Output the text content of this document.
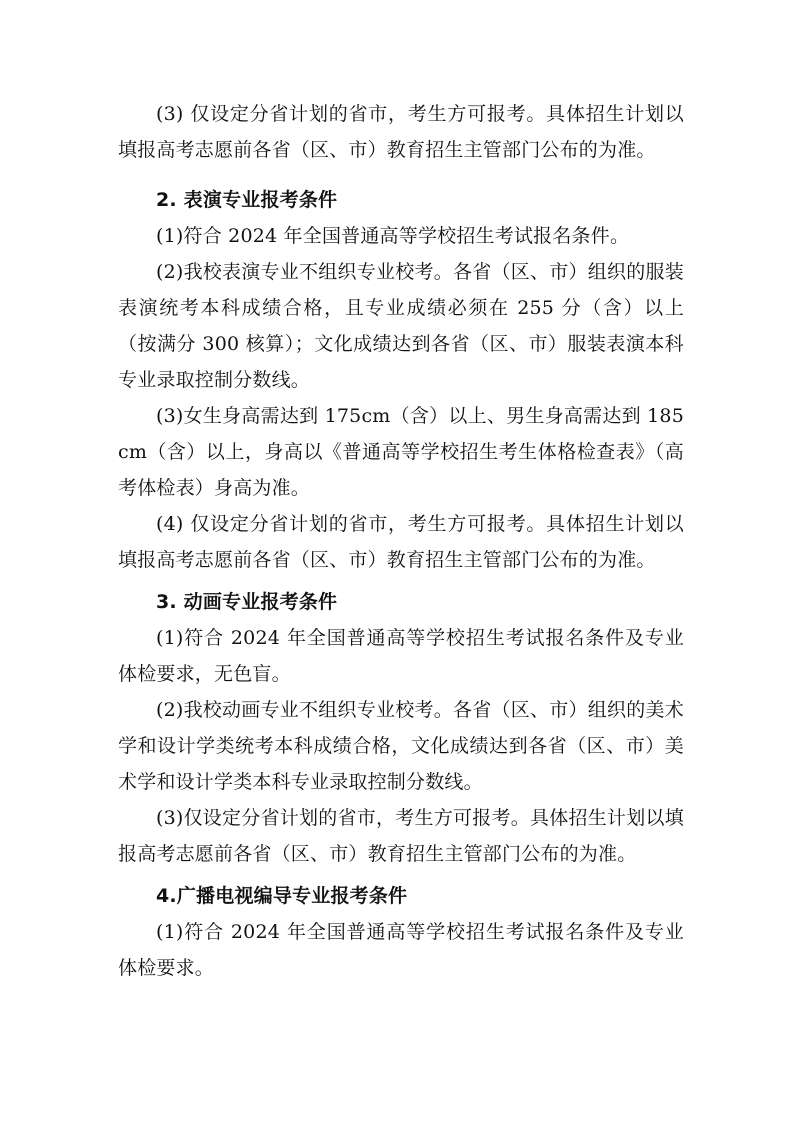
(3) 仅设定分省计划的省市，考生方可报考。具体招生计划以填报高考志愿前各省（区、市）教育招生主管部门公布的为准。

2. 表演专业报考条件

(1)符合 2024 年全国普通高等学校招生考试报名条件。

(2)我校表演专业不组织专业校考。各省（区、市）组织的服装表演统考本科成绩合格，且专业成绩必须在 255 分（含）以上（按满分 300 核算）；文化成绩达到各省（区、市）服装表演本科专业录取控制分数线。

(3)女生身高需达到 175cm（含）以上、男生身高需达到 185cm（含）以上，身高以《普通高等学校招生考生体格检查表》（高考体检表）身高为准。

(4) 仅设定分省计划的省市，考生方可报考。具体招生计划以填报高考志愿前各省（区、市）教育招生主管部门公布的为准。

3. 动画专业报考条件

(1)符合 2024 年全国普通高等学校招生考试报名条件及专业体检要求，无色盲。

(2)我校动画专业不组织专业校考。各省（区、市）组织的美术学和设计学类统考本科成绩合格，文化成绩达到各省（区、市）美术学和设计学类本科专业录取控制分数线。

(3)仅设定分省计划的省市，考生方可报考。具体招生计划以填报高考志愿前各省（区、市）教育招生主管部门公布的为准。

4.广播电视编导专业报考条件

(1)符合 2024 年全国普通高等学校招生考试报名条件及专业体检要求。
